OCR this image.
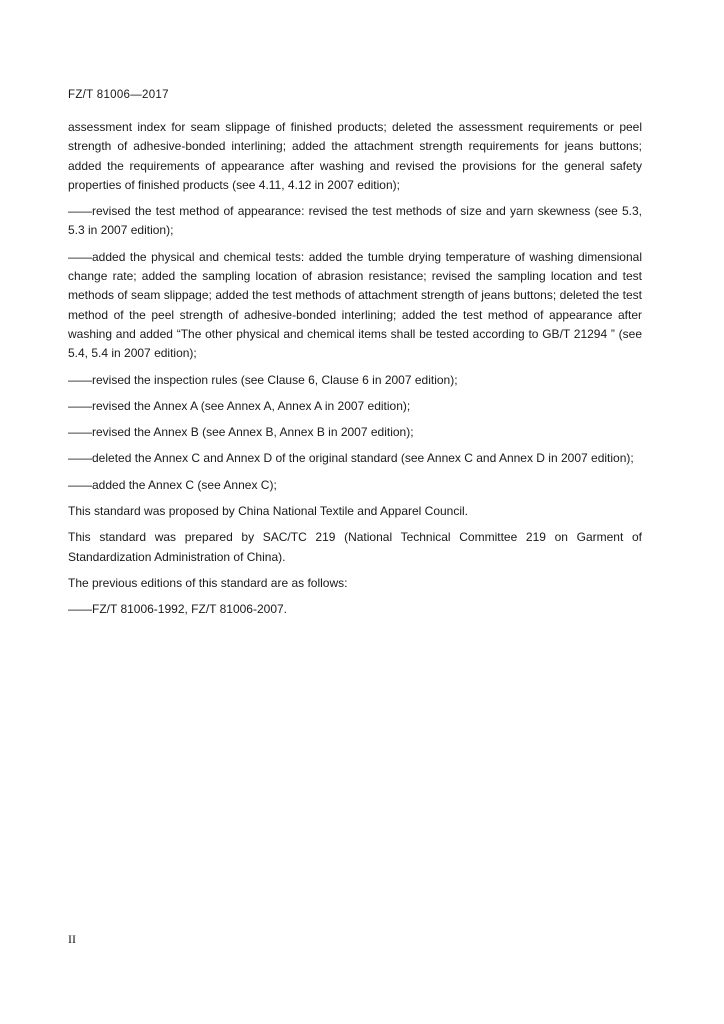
FZ/T 81006—2017

assessment index for seam slippage of finished products; deleted the assessment requirements or peel strength of adhesive-bonded interlining; added the attachment strength requirements for jeans buttons; added the requirements of appearance after washing and revised the provisions for the general safety properties of finished products (see 4.11, 4.12 in 2007 edition);

——revised the test method of appearance: revised the test methods of size and yarn skewness (see 5.3, 5.3 in 2007 edition);

——added the physical and chemical tests: added the tumble drying temperature of washing dimensional change rate; added the sampling location of abrasion resistance; revised the sampling location and test methods of seam slippage; added the test methods of attachment strength of jeans buttons; deleted the test method of the peel strength of adhesive-bonded interlining; added the test method of appearance after washing and added “The other physical and chemical items shall be tested according to GB/T 21294 ” (see 5.4, 5.4 in 2007 edition);

——revised the inspection rules (see Clause 6, Clause 6 in 2007 edition);

——revised the Annex A (see Annex A, Annex A in 2007 edition);

——revised the Annex B (see Annex B, Annex B in 2007 edition);

——deleted the Annex C and Annex D of the original standard (see Annex C and Annex D in 2007 edition);

——added the Annex C (see Annex C);

This standard was proposed by China National Textile and Apparel Council.

This standard was prepared by SAC/TC 219 (National Technical Committee 219 on Garment of Standardization Administration of China).

The previous editions of this standard are as follows:

——FZ/T 81006-1992, FZ/T 81006-2007.

II
